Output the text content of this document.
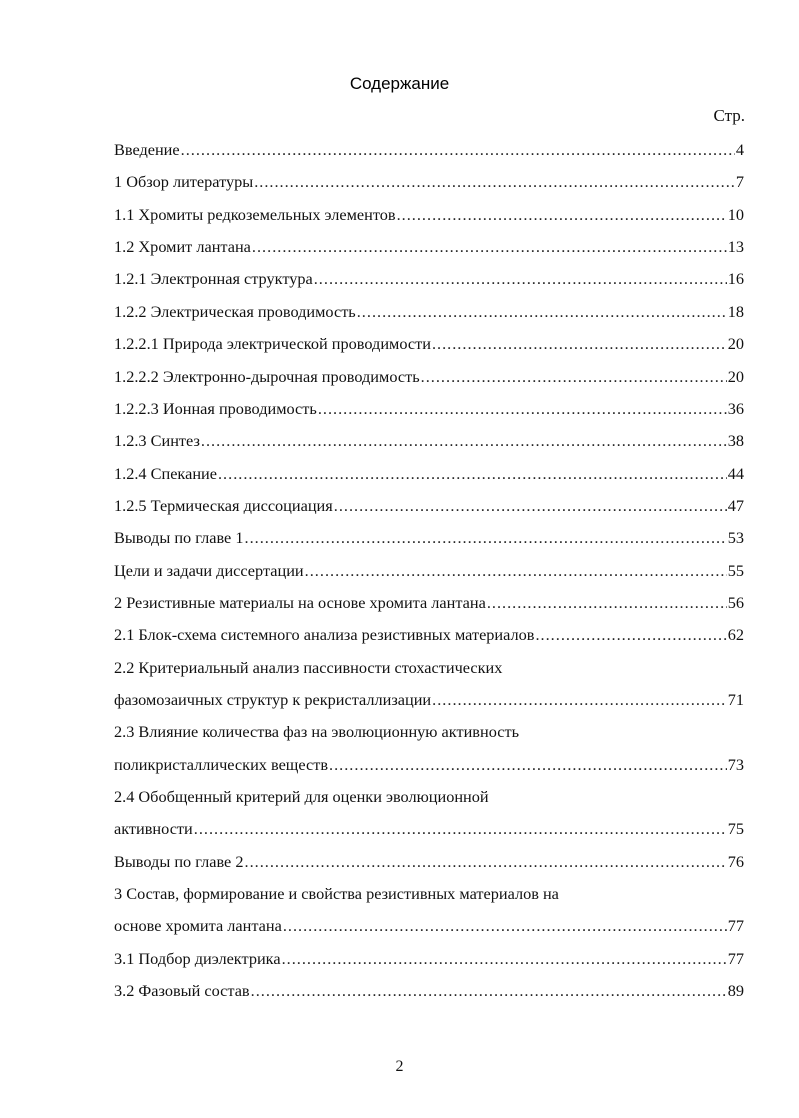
Содержание
Стр.
Введение .....	4
1 Обзор литературы .....	7
1.1 Хромиты редкоземельных элементов .....	10
1.2 Хромит лантана .....	13
1.2.1 Электронная структура .....	16
1.2.2 Электрическая проводимость .....	18
1.2.2.1 Природа электрической проводимости .....	20
1.2.2.2 Электронно-дырочная проводимость .....	20
1.2.2.3 Ионная проводимость .....	36
1.2.3 Синтез .....	38
1.2.4 Спекание .....	44
1.2.5 Термическая диссоциация .....	47
Выводы по главе 1 .....	53
Цели и задачи диссертации .....	55
2 Резистивные материалы на основе хромита лантана .....	56
2.1 Блок-схема системного анализа резистивных материалов .....	62
2.2 Критериальный анализ пассивности стохастических
фазомозаичных структур к рекристаллизации .....	71
2.3 Влияние количества фаз на эволюционную активность
поликристаллических веществ .....	73
2.4 Обобщенный критерий для оценки эволюционной
активности .....	75
Выводы по главе 2 .....	76
3 Состав, формирование и свойства резистивных материалов на
основе хромита лантана .....	77
3.1 Подбор диэлектрика .....	77
3.2 Фазовый состав .....	89
2
